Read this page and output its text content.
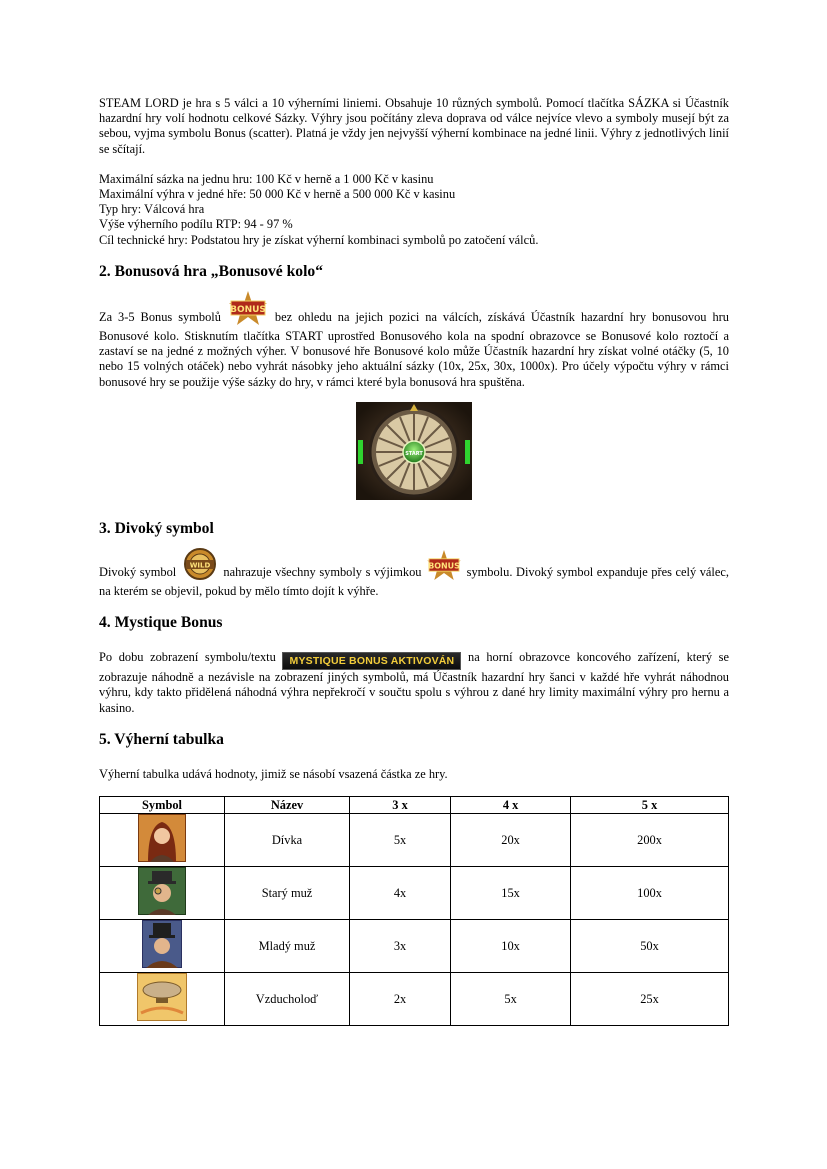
STEAM LORD je hra s 5 válci a 10 výherními liniemi. Obsahuje 10 různých symbolů. Pomocí tlačítka SÁZKA si Účastník hazardní hry volí hodnotu celkové Sázky. Výhry jsou počítány zleva doprava od válce nejvíce vlevo a symboly musejí být za sebou, vyjma symbolu Bonus (scatter). Platná je vždy jen nejvyšší výherní kombinace na jedné linii. Výhry z jednotlivých linií se sčítají.

Maximální sázka na jednu hru: 100 Kč v herně a 1 000 Kč v kasinu

Maximální výhra v jedné hře: 50 000 Kč v herně a 500 000 Kč v kasinu

Typ hry: Válcová hra

Výše výherního podílu RTP: 94 - 97 %

Cíl technické hry: Podstatou hry je získat výherní kombinaci symbolů po zatočení válců.

2. Bonusová hra „Bonusové kolo“

Za 3-5 Bonus symbolů BONUS bez ohledu na jejich pozici na válcích, získává Účastník hazardní hry bonusovou hru Bonusové kolo. Stisknutím tlačítka START uprostřed Bonusového kola na spodní obrazovce se Bonusové kolo roztočí a zastaví se na jedné z možných výher. V bonusové hře Bonusové kolo může Účastník hazardní hry získat volné otáčky (5, 10 nebo 15 volných otáček) nebo vyhrát násobky jeho aktuální sázky (10x, 25x, 30x, 1000x). Pro účely výpočtu výhry v rámci bonusové hry se použije výše sázky do hry, v rámci které byla bonusová hra spuštěna.

START
3. Divoký symbol

Divoký symbol WILD nahrazuje všechny symboly s výjimkou BONUS symbolu. Divoký symbol expanduje přes celý válec, na kterém se objevil, pokud by mělo tímto dojít k výhře.

4. Mystique Bonus

Po dobu zobrazení symbolu/textu MYSTIQUE BONUS AKTIVOVÁN na horní obrazovce koncového zařízení, který se zobrazuje náhodně a nezávisle na zobrazení jiných symbolů, má Účastník hazardní hry šanci v každé hře vyhrát náhodnou výhru, kdy takto přidělená náhodná výhra nepřekročí v součtu spolu s výhrou z dané hry limity maximální výhry pro hernu a kasino.

5. Výherní tabulka

Výherní tabulka udává hodnoty, jimiž se násobí vsazená částka ze hry.

Symbol	Název	3 x	4 x	5 x
	Dívka	5x	20x	200x
	Starý muž	4x	15x	100x
	Mladý muž	3x	10x	50x
	Vzducholoď	2x	5x	25x
